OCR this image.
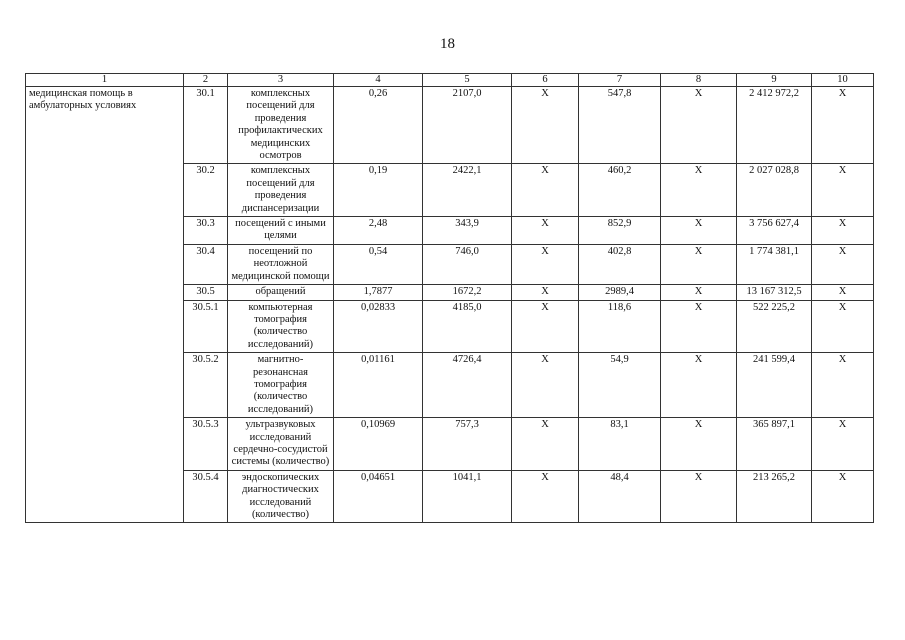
18
1	2	3	4	5	6	7	8	9	10
медицинская помощь в амбулаторных условиях	30.1	комплексных посещений для проведения профилактических медицинских осмотров	0,26	2107,0	X	547,8	X	2 412 972,2	X
	30.2	комплексных посещений для проведения диспансеризации	0,19	2422,1	X	460,2	X	2 027 028,8	X
	30.3	посещений с иными целями	2,48	343,9	X	852,9	X	3 756 627,4	X
	30.4	посещений по неотложной медицинской помощи	0,54	746,0	X	402,8	X	1 774 381,1	X
	30.5	обращений	1,7877	1672,2	X	2989,4	X	13 167 312,5	X
	30.5.1	компьютерная томография (количество исследований)	0,02833	4185,0	X	118,6	X	522 225,2	X
	30.5.2	магнитно-резонансная томография (количество исследований)	0,01161	4726,4	X	54,9	X	241 599,4	X
	30.5.3	ультразвуковых исследований сердечно-сосудистой системы (количество)	0,10969	757,3	X	83,1	X	365 897,1	X
	30.5.4	эндоскопических диагностических исследований (количество)	0,04651	1041,1	X	48,4	X	213 265,2	X
